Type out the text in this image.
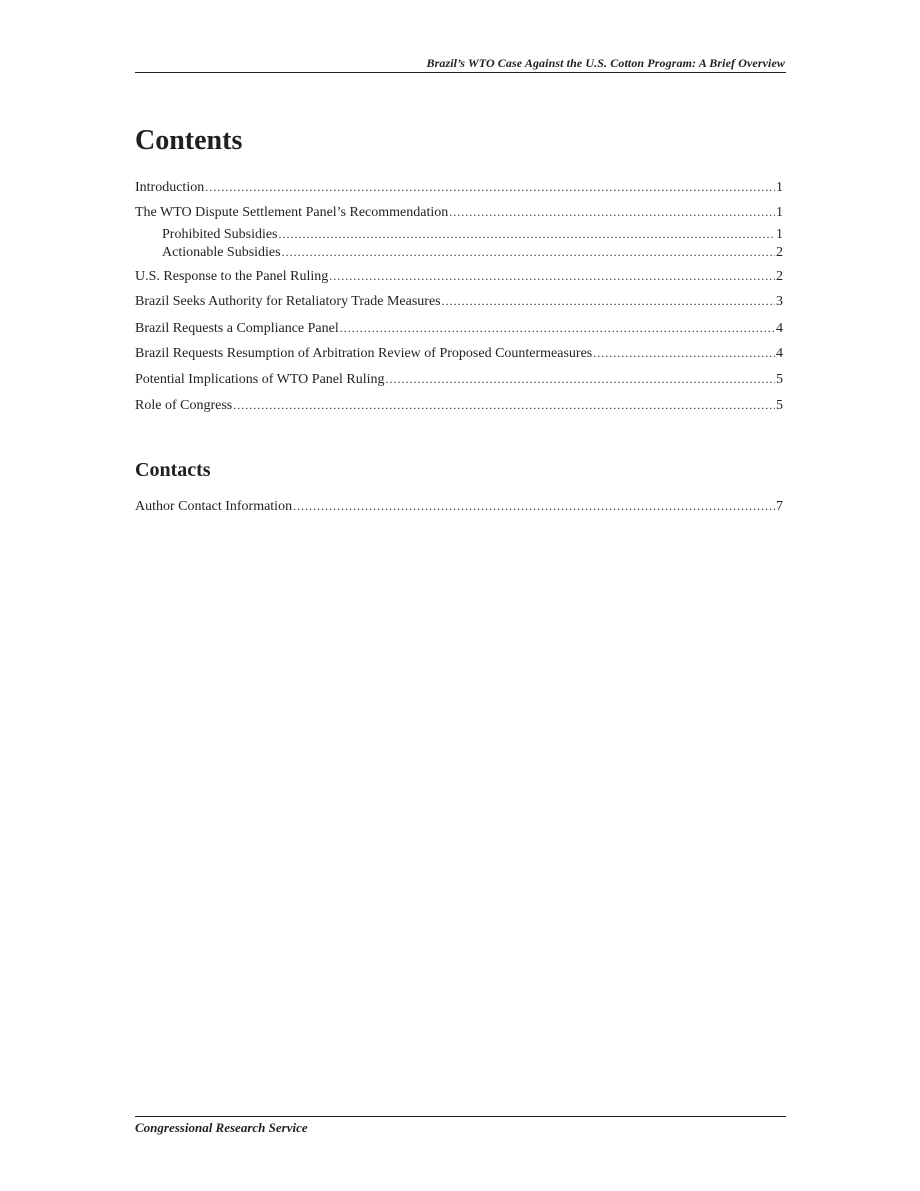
Brazil’s WTO Case Against the U.S. Cotton Program: A Brief Overview
Contents
Introduction .....	1
The WTO Dispute Settlement Panel’s Recommendation .....	1
Prohibited Subsidies .....	1
Actionable Subsidies .....	2
U.S. Response to the Panel Ruling .....	2
Brazil Seeks Authority for Retaliatory Trade Measures .....	3
Brazil Requests a Compliance Panel .....	4
Brazil Requests Resumption of Arbitration Review of Proposed Countermeasures .....	4
Potential Implications of WTO Panel Ruling .....	5
Role of Congress .....	5
Contacts
Author Contact Information .....	7
Congressional Research Service
